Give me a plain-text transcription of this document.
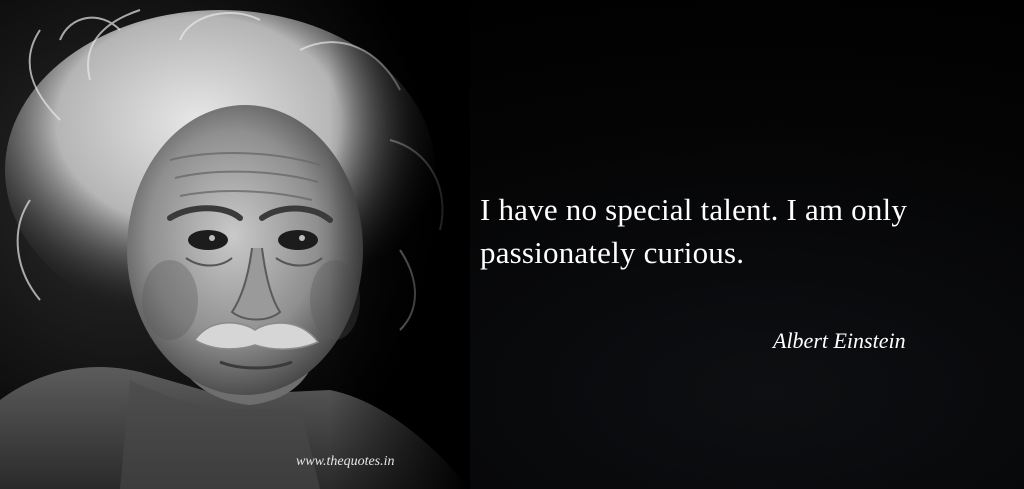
I have no special talent. I am only passionately curious.

Albert Einstein

www.thequotes.in
